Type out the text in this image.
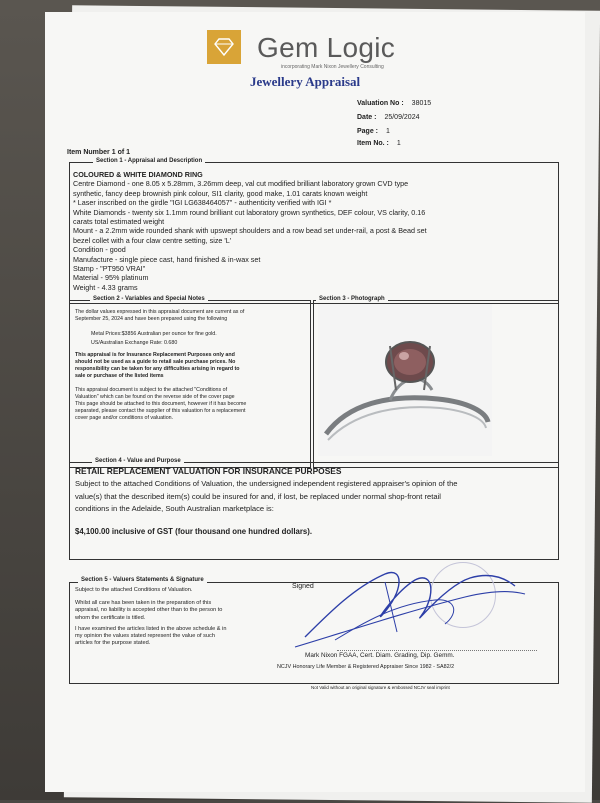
Gem Logic
incorporating Mark Nixon Jewellery Consulting
Jewellery Appraisal
Valuation No : 38015
Date : 25/09/2024
Page : 1
Item No. : 1
Item Number 1 of 1
Section 1 - Appraisal and Description
COLOURED & WHITE DIAMOND RING
Centre Diamond - one 8.05 x 5.28mm, 3.26mm deep, val cut modified brilliant laboratory grown CVD type
synthetic, fancy deep brownish pink colour, SI1 clarity, good make, 1.01 carats known weight
* Laser inscribed on the girdle "IGI LG638464057" - authenticity verified with IGI *
White Diamonds - twenty six 1.1mm round brilliant cut laboratory grown synthetics, DEF colour, VS clarity, 0.16
carats total estimated weight
Mount - a 2.2mm wide rounded shank with upswept shoulders and a row bead set under-rail, a post & Bead set
bezel collet with a four claw centre setting, size 'L'
Condition - good
Manufacture - single piece cast, hand finished & in-wax set
Stamp - "PT950 VRAI"
Material - 95% platinum
Weight - 4.33 grams
Section 2 - Variables and Special Notes
The dollar values expressed in this appraisal document are current as of
September 25, 2024 and have been prepared using the following
Metal Prices:$3856 Australian per ounce for fine gold.
US/Australian Exchange Rate: 0.680
This appraisal is for Insurance Replacement Purposes only and
should not be used as a guide to retail sale purchase prices. No
responsibility can be taken for any difficulties arising in regard to
sale or purchase of the listed items
This appraisal document is subject to the attached "Conditions of
Valuation" which can be found on the reverse side of the cover page
This page should be attached to this document, however if it has become
separated, please contact the supplier of this valuation for a replacement
cover page and/or conditions of valuation.
Section 3 - Photograph
Section 4 - Value and Purpose
RETAIL REPLACEMENT VALUATION FOR INSURANCE PURPOSES
Subject to the attached Conditions of Valuation, the undersigned independent registered appraiser's opinion of the
value(s) that the described item(s) could be insured for and, if lost, be replaced under normal shop-front retail
conditions in the Adelaide, South Australian marketplace is:
$4,100.00 inclusive of GST (four thousand one hundred dollars).
Section 5 - Valuers Statements & Signature
Subject to the attached Conditions of Valuation.
Whilst all care has been taken in the preparation of this
appraisal, no liability is accepted other than to the person to
whom the certificate is titled.
I have examined the articles listed in the above schedule & in
my opinion the values stated represent the value of such
articles for the purpose stated.
Signed
Mark Nixon FGAA, Cert. Diam. Grading, Dip. Gemm.
NCJV Honorary Life Member & Registered Appraiser Since 1982 - SA82/2
Not Valid without an original signature & embossed NCJV seal imprint
